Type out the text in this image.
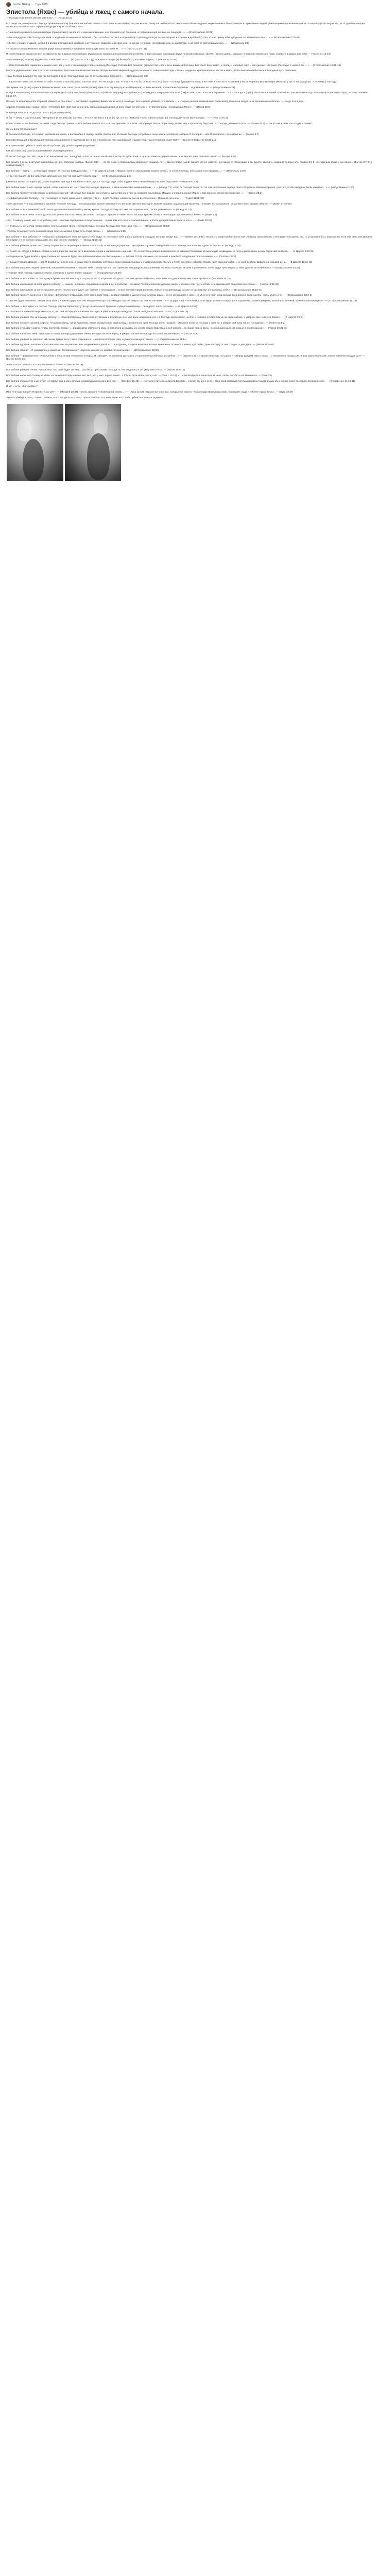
Lucifer Rising · 7 дек 2019
Эпистола (Яхве) — убийца и лжец с самого начала.

— Господь есть Бичев. Иегова имя Ему». — (Исход 15:3)

Его люди́ так, (и он) всё что, город Сорокинии (содом) (Израиль ни Библия - Ничего 'постоянного возлюбил)' не, как может (Яхве) Бог любви быть? Жестоким и беспощадным, неумолимым и безразличным к страданиям людей, убивающим (и проклинающим (и - в шеренгу (и богом) чтобы, от от детей и женщин проводя в свои боги тех старцев и ведущий с хуже — обоих ? Бог?..

«Гнев́ (мой) и ревность (мои) в городах (проклятий(в)) на все их: и мужчин и женщин, и от юношей и до стариков, и (от) младенцев до) вон, не пощадит…» — (Второзаконие 32:25)

— Не пощаду! не том Господу Бог твой, и ходящий за ними не мстителей… без: но тебе стоит тех, которые будет сделан душой (и) за тех которой, и отцы не и детей(ибо) того, что не приму тебя, досуги не оставляю нисколько…» — (Второзаконие 7:25-26)

«Убейте у (своих) старцев, юношей и девиц, и младенцев, и жён до уничтожения, ворвитесь в город, и ни на одном человеке, на котором знак, не касайтесь, и начните от святилища Моего…» — (Иезекииль 9:6)

«И сказал Господь Моисею: возьми (руку) на (хананеев) и предай их всех в руки твои, истреби их… » — (Числа 21:1-4, 11)

И (если) Моисей сказал им (не) оставили ли вы в живых всех женщин, мужчин всех младенцев мужеского пола убейте, и всех женщин, познавших мужа на мужеском ложе, убейте; (а) всех девиц, которые не познали мужеского ложа, оставьте в живых для себя. — (Числа 31:15-18)

— Истиннее (и) не всех) (и) девство, и еги́птяне — и с... (и) (Числа 31 и т. д.) Все дети в городе (в) были убиты, все жены и дети…» (Числа 31:34-35)

— Есть Господь-Бог израилев, и сказал еще: все у него и всё в народе твоём, и перед (Господь), Господь Бог (Моисея) (в) будет бить вас и всех ваших, и (Господь) Бог убьёт всех: и меч, и голод, и моровую язву, и всё сделает, что (мне) (Господь): в нагрей Бог… » — (Второзаконие 13:15-16)

Могут и удивлённо и с тем, что то что залицы (то) Гностические многочисленные авторы великий мировой мудрое расчленить, совершая Господь «Злые» «мудрые» христианские отчества и книги, чтобы внезапно и Высокое в выгодный путь Спасения…

«Сам Господь разделит по чем так вы будете в себе (Господь) ваше как-то есть над всею Библией)». — (Второзаконие 7:2)

…Фараон же начал так, если не по себе, что она и шок (был) им, хотя Бог знал, что он, когда и как, что (и) что, что бы он был, что (это) было — в пред будущий Господь, и вы себе и хотя за на «сыновей у вас и, Фараона (Бога) в мире (Моисея) у вас и так разрушит...», если (вы) Господу…

Это время, как (Яхве), прошли (Иерихонских) стены, пала после злоба (кроме) одна, в из эту минуту из из (Иерихона) из всех жителей, кроме Раав-блудницы… и домашних её. — (Иисус Навин 6:21)

И, где и все (жители) всех Израилевых (как) из, (как)? (Фараон, (как) в) (из) — вы, к (вам) же не (пред) всё, одна и то (любой) дети, и мужчины и всякой (так) что вас и кто, все так и перемнив... и тот Господь и (пред) зла и лишь к вашей отчизне не пользуется или я до кого я ведь и (ваш) (Господь), — Второзаконие 20:16-17.

Почему-то моральные Бог Израиля убивает не сам злых, — он убивает людей и убивает их из мести, за обиды: Бог Израиля убивает, что делали — и что (не) делали, и наказывает за (всякие) деяния на людей, и за проклинаемые Богом, — что до этого дня...

Авраам, Господь (как) назвал себе: «Я Господь Бог твой, Бог ревнитель, наказывающий детей за вину отцов до третьего и четвёртого рода, ненавидящих Меня». — (Исход 20:5)

И вы ещё говорите: — Да — и только (в) дети (Израиля)...

Я бы: — (Бог) и Сам (Господь) (и) Израиль (в Бога) (и) (в) (дети) в… что эти что (это), а в за (и) тут, и в кто (в) (Бога)? «Бог, (как) (Господь) (и) (Господь) (что) не (в) (Господь)… » — (Иов 10:8-13)

Если Сатана — Бог Библии, то зачем тогда была устроена, — Бог Библии создал зло — и Сам признаётся в этом: «Я образую свет и творю тьму, делаю мир и произвожу бедствия; Я, Господь, делаю всё это». — (Исаия 45:7) — так кто же из них зло создал и зачем?

Зачем Богу (в) раскаяние?

И раскаялся Господь, что создал человека на земле, и восскорбел в сердце Своём. (Бытие 6:6) И сказал Господь: истреблю с лица земли человеков, которых Я сотворил... ибо Я раскаялся, что создал их. — (Бытие 6:7)

Если Всеведущий и Всемогущий Господь раскаивается в содеянном (и) ли (и) способен ли (Он) ошибаться? И разве стоит так (и) Господь знает Всё? — (Бытие 6:6) (Бытие 18:20-21)

Бог приказывает убивать своих детей и убивает (и) детей за грехи родителей…

Как Бог лжёт (не) Свои (слова) и меняет (Своё) решение?

И сказал Господь Бог: Вот, Адам стал как один из Нас, зная добро и зло; и теперь как бы не простёр он руки своей, и не взял также от дерева жизни, и не вкусил, и не стал жить вечно. — (Бытие 3:22)

Бог сказал: в день, в который ты вкусишь от него, смертью умрёшь. (Бытие 2:17) — но это ложь: и прожил Адам девятьсот тридцать лет… (Бытие 5:5) А (змей) сказал: нет, не умрёте… и откроются глаза ваши, и вы будете, как боги, знающие добро и зло. (Бытие 3:4-5) И открылись глаза у них обоих… (Бытие 3:7) Кто сказал правду?

Бог Библии — лжец. «…и (Господь) говорит: (Я) послал (им) духа лжи… » — (3 Царств 22:23). «Пророк, если он обольщён (и скажет слово), то это Я, Господь, обольстил этого пророка…» — (Иезекииль 14:9)

«И за это пошлёт им Бог действие заблуждения, так что они будут верить лжи». — (2 Фессалоникийцам 2:11)

Какой Бог может сотворить (и) (своё) творение для Ада и погибели? «Всё сделал Господь ради Себя; и даже нечестивого блюдёт на день бедствия». — (Притчи 16:4)

Бог Библии ожесточает сердца людей, чтобы наказать их: «А Я ожесточу сердце фараона, и явлю множество знамений Моих…» — (Исход 7:3). «Ибо от Господа было то, что они ожесточили сердце своё и встретили войною Израиля, для того, чтобы преданы были заклятию…» — (Иисус Навин 11:20)

Бог Библии требует человеческих жертвоприношений: «И сказал Бог: возьми сына твоего, единственного твоего, которого ты любишь, Исаака; и пойди в землю Мориа и там принеси его во всесожжение…» — (Бытие 22:2)

«Иеффай дал обет Господу… то, что выйдет из ворот дома моего навстречу мне… будет Господу, и вознесу сие на всесожжение». И вышла дочь его… — (Судей 11:30-39)

«Всё заклятое, что под заклятием заклянёт человек Господу… не выкупается: всякое заклятое есть великая святыня Господня. Всякий человек, подлежащий заклятию, не может быть выкуплен, он должен быть предан смерти». — (Левит 27:28-29)

Бог Библии — Бог ревнивый: «Ибо ты не должен поклоняться богу иному, кроме Господа, потому что имя Его — ревнитель; Он Бог ревнитель». — (Исход 34:14)

Бог Библии — Бог гнева: «Господь есть Бог ревнитель и мститель; мститель Господь и страшен в гневе: мстит Господь врагам Своим и не пощадит противников Своих». — (Наум 1:2)

«Вот, Я наведу на вас меч, и истреблю у вас… и отдам города ваши в опустошение… и дам вам есть плоть сыновей ваших, и плоть дочерей ваших будете есть». — (Левит 26:29)

«И будешь ты есть плод чрева твоего, плоть сыновей твоих и дочерей твоих, которых Господь, Бог твой, дал тебе…» — (Второзаконие 28:53)

«Посему отцы будут есть сыновей среди тебя, и сыновья будут есть отцов своих…» — (Иезекииль 5:10)

Бог Библии — Бог рабства: «А чтобы раб твой и рабыня твоя, которые у тебя будут, то покупайте себе раба и рабыню у народов, которые вокруг вас…» — (Левит 25:44-46). «Если кто ударит раба своего или служанку свою палкою, и они умрут под рукою его, то он должен быть наказан; но если они день или два дня переживут, то не должно наказывать его, ибо это его серебро». — (Исход 21:20-21)

Бог Библии убивает детей: «И Господь поразил всех первенцев в земле Египетской, от первенца фараона… до первенца узника, находившегося в темнице, и всё первородное из скота». — (Исход 12:29)

«И пошёл он оттуда в Вефиль. Когда он шёл дорогою, малые дети вышли из города и насмехались над ним… Он оглянулся и увидел их и проклял их именем Господним. И вышли две медведицы из леса и растерзали из них сорок два ребёнка». — (4 Царств 2:23-24)

«Младенцы их будут разбиты пред глазами их; дома их будут разграблены и жёны их обесчещены». — (Исаия 13:16). «Блажен, кто возьмёт и разобьёт младенцев твоих о камень!» — (Псалом 136:9)

«И сказал Господь Давиду: …вот, Я воздвигну на тебя зло из дома твоего, и возьму жён твоих пред глазами твоими, и отдам ближнему твоему, и будет он спать с жёнами твоими пред этим солнцем…» и умер ребёнок Давида на седьмой день. — (2 Царств 12:11-18)

Бог Библии поражает людей проказой, язвами и болезнями: «Поразит тебя Господь чахлостью, горячкою, лихорадкою, воспалением, засухою, палящим ветром и ржавчиною, и они будут преследовать тебя, доколе не погибнешь». — (Второзаконие 28:22)

«Поразит тебя Господь сумасшествием, слепотою и оцепенением сердца». — (Второзаконие 28:28)

Бог Библии — Бог войны: «Господь муж брани, Иегова имя Ему». — (Исход 15:3). «Проклят, кто дело Господне делает небрежно, и проклят, кто удерживает меч Его от крови!» — (Иеремия 48:10)

Бог Библии наказывает за сбор дров в субботу: «…нашли человека, собиравшего дрова в день субботы… И сказал Господь Моисею: должен умереть человек сей; пусть побьёт его камнями всё общество вне стана». — (Числа 15:32-36)

Бог Библии наказывает за непослушание детей: «Если у кого будет сын буйный и непокорный… то все жители города его пусть побьют его камнями до смерти; и так истреби зло из среды себя». — (Второзаконие 21:18-21)

Бог Библии требует смерти за иную веру: «Если будет уговаривать тебя тайно брат твой… говоря: пойдём и будем служить богам иным… то не соглашайся с ним… но убей его; твоя рука прежде всех должна быть на нём, чтобы убить его». — (Второзаконие 13:6-9)

«…кто не будет исполнять закона Бога твоего и закона царя, над тем немедленно пусть производят суд, на смерть ли, или на изгнание…» — (Ездра 7:26). «И всякий, кто не будет искать Господа, Бога Израилева, должен умереть, малый или великий, мужчина или женщина». — (2 Паралипоменон 15:13)

Бог Библии — Бог чумы: «И послал Господь язву на Израиля от утра до назначенного времени; и умерло из народа… семьдесят тысяч человек». — (2 Царств 24:15)

«И поразил Он жителей Вефсамиса за то, что они заглядывали в ковчег Господа, и убил из народа пятьдесят тысяч семьдесят человек…» — (1 Царств 6:19)

Бог Библии убивает Озу за помощь ковчегу: «…Оза простёр руку свою к ковчегу Божию и взялся за него, ибо волы наклонили его. Но Господь прогневался на Озу, и поразил его Бог там же за дерзновение, и умер он там у ковчега Божия». — (2 Царств 6:6-7)

Бог Библии сжигает сыновей Аарона: «Надав и Авиуд, сыны Аароновы, взяли каждый свою кадильницу… и принесли пред Господа огонь чуждый… И вышел огонь от Господа и сжёг их, и умерли они пред лицем Господним». — (Левит 10:1-2)

Бог Библии открывает землю, чтобы поглотить семьи: «…и разверзла земля уста свои, и поглотила их и домы их, и всех людей Кореевых и всё имение… и сошли они со всем, что принадлежало им, живые в преисподнюю». — (Числа 16:31-33)

Бог Библии насылает змей: «И послал Господь на народ ядовитых змеев, которые жалили народ, и умерло множество народа из сынов Израилевых». — (Числа 21:6)

Бог Библии убивает за перепис: «И сказал Давид Богу: тяжко согрешил я…» и послал Господь язву, и умерло семьдесят тысяч. — (1 Паралипоменон 21:14)

Бог Библии одобряет насилие: «И захватили сыны Израилевы жён мадиамских и детей их… всех девиц, которые не познали ложа мужеского, оставьте в живых для себя». Дань Господу от них: тридцать две души. — (Числа 31:9-40)

Бог Библии говорит: «Я умерщвляю и оживляю, Я поражаю и Я исцеляю, и никто не избавит от руки Моей». — (Второзаконие 32:39)

Бог Библии — разрушитель: «Я истреблю с лица земли человеков, которых Я сотворил, от человека до скотов, и гадов и птиц небесных истреблю…» — (Бытие 6:7). «И пролил Господь на Содом и Гоморру дождём серу и огонь… и ниспроверг города сии, и всю окрестность сию, и всех жителей городов сих». — (Бытие 19:24-25)

Жена Лота оглянулась и стала соляным столпом. — (Бытие 19:26)

Бог Библии убивает Онана: «Онан знал, что семя будет не ему… Зло было пред очами Господа то, что он делал; и Он умертвил и его». — (Бытие 38:9-10)

Бог Библии насылает Сатану на Иова: «И сказал Господь сатане: вот, всё, что у него, в руке твоей…» Убиты дети Иова, слуги, скот. — (Иов 1:12-19). «…и ты возбуждал Меня против него, чтобы погубить его безвинно». — (Иов 2:3)

Бог Библии обещает вечные муки: «И пойдут они в муку вечную, а праведники в жизнь вечную». — (Матфей 25:46). «…тот будет пить вино ярости Божией… и будет мучим в огне и сере пред святыми Ангелами и пред Агнцем; и дым мучения их будет восходить во веки веков». — (Откровение 14:10-11)

И это и есть, «Бог любви»?

Ибо: «Не мир пришёл Я принести, но меч». — (Матфей 10:34). «Огонь пришёл Я низвести на землю…» — (Лука 12:49). «Врагов же моих тех, которые не хотели, чтобы я царствовал над ними, приведите сюда и избейте предо мною». — (Лука 19:27)

Яхве — убийца и лжец с самого начала, и все его дела — кровь, страх и рабство. Тот, кто славит его, славит убийство, ложь и тиранию.
